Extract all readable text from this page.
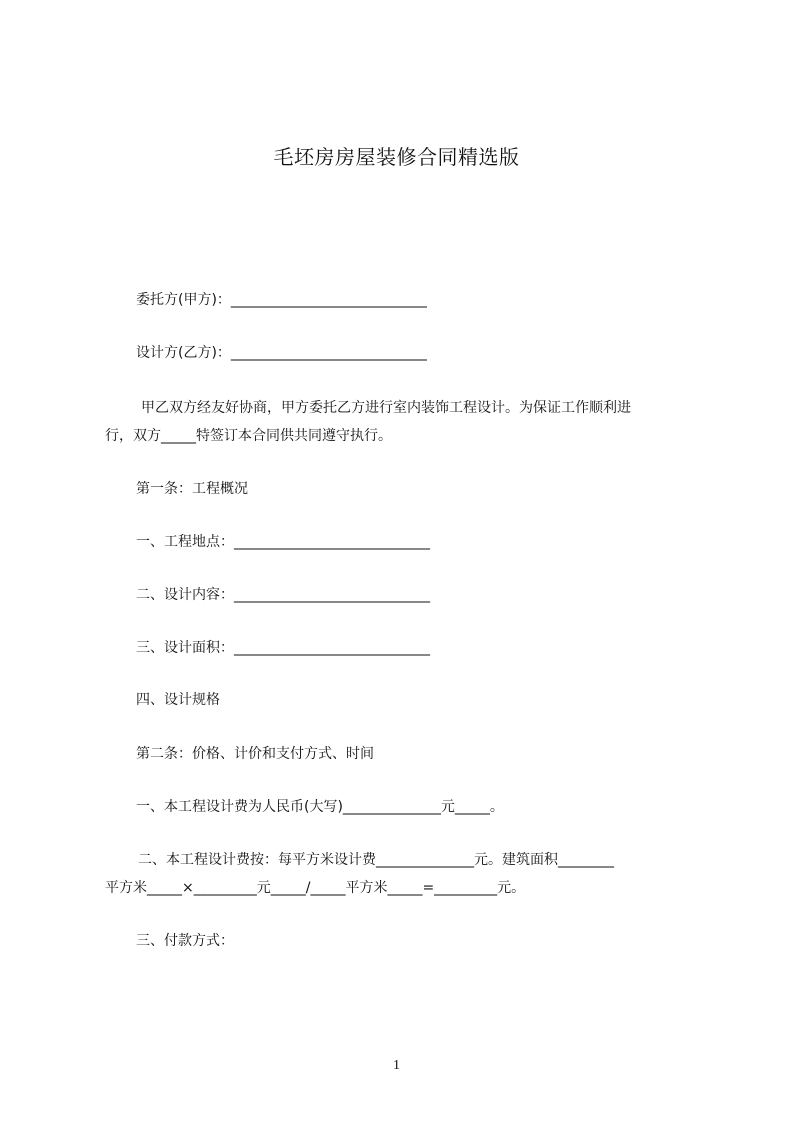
毛坯房房屋装修合同精选版
委托方(甲方)：____________________________
设计方(乙方)：____________________________
甲乙双方经友好协商，甲方委托乙方进行室内装饰工程设计。为保证工作顺利进
行，双方_____特签订本合同供共同遵守执行。
第一条：工程概况
一、工程地点：____________________________
二、设计内容：____________________________
三、设计面积：____________________________
四、设计规格
第二条：价格、计价和支付方式、时间
一、本工程设计费为人民币(大写)______________元_____。
二、本工程设计费按：每平方米设计费______________元。建筑面积________
平方米_____×_________元_____/_____平方米_____=_________元。
三、付款方式：
1
